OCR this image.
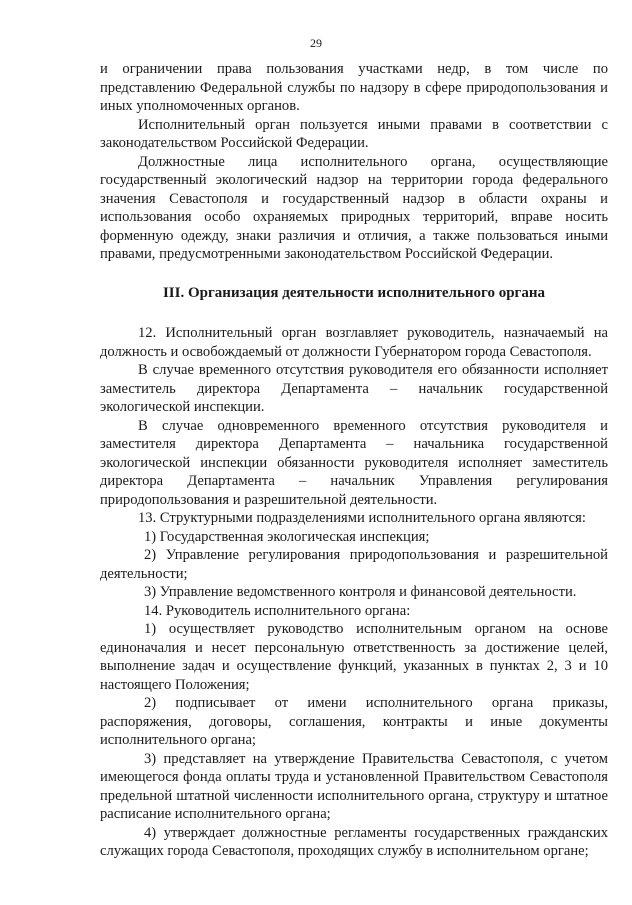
29

и ограничении права пользования участками недр, в том числе по представлению Федеральной службы по надзору в сфере природопользования и иных уполномоченных органов.

Исполнительный орган пользуется иными правами в соответствии с законодательством Российской Федерации.

Должностные лица исполнительного органа, осуществляющие государственный экологический надзор на территории города федерального значения Севастополя и государственный надзор в области охраны и использования особо охраняемых природных территорий, вправе носить форменную одежду, знаки различия и отличия, а также пользоваться иными правами, предусмотренными законодательством Российской Федерации.

III. Организация деятельности исполнительного органа

12. Исполнительный орган возглавляет руководитель, назначаемый на должность и освобождаемый от должности Губернатором города Севастополя.

В случае временного отсутствия руководителя его обязанности исполняет заместитель директора Департамента – начальник государственной экологической инспекции.

В случае одновременного временного отсутствия руководителя и заместителя директора Департамента – начальника государственной экологической инспекции обязанности руководителя исполняет заместитель директора Департамента – начальник Управления регулирования природопользования и разрешительной деятельности.

13. Структурными подразделениями исполнительного органа являются:

1) Государственная экологическая инспекция;

2) Управление регулирования природопользования и разрешительной деятельности;

3) Управление ведомственного контроля и финансовой деятельности.

14. Руководитель исполнительного органа:

1) осуществляет руководство исполнительным органом на основе единоначалия и несет персональную ответственность за достижение целей, выполнение задач и осуществление функций, указанных в пунктах 2, 3 и 10 настоящего Положения;

2) подписывает от имени исполнительного органа приказы, распоряжения, договоры, соглашения, контракты и иные документы исполнительного органа;

3) представляет на утверждение Правительства Севастополя, с учетом имеющегося фонда оплаты труда и установленной Правительством Севастополя предельной штатной численности исполнительного органа, структуру и штатное расписание исполнительного органа;

4) утверждает должностные регламенты государственных гражданских служащих города Севастополя, проходящих службу в исполнительном органе;
